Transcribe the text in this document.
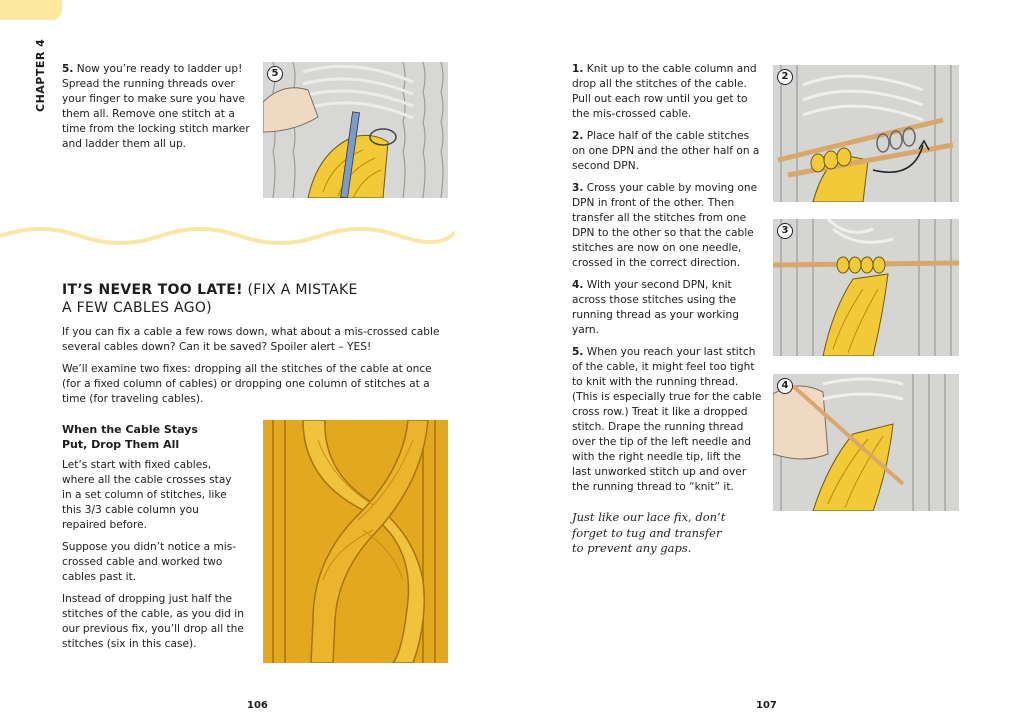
CHAPTER 4 5. Now you’re ready to ladder up! Spread the running threads over your finger to make sure you have them all. Remove one stitch at a time from the locking stitch marker and ladder them all up.
5
IT’S NEVER TOO LATE! (FIX A MISTAKE
A FEW CABLES AGO)

If you can fix a cable a few rows down, what about a mis-crossed cable several cables down? Can it be saved? Spoiler alert – YES!

We’ll examine two fixes: dropping all the stitches of the cable at once (for a fixed column of cables) or dropping one column of stitches at a time (for traveling cables).

When the Cable Stays
Put, Drop Them All

Let’s start with fixed cables, where all the cable crosses stay in a set column of stitches, like this 3/3 cable column you repaired before.

Suppose you didn’t notice a mis-crossed cable and worked two cables past it.

Instead of dropping just half the stitches of the cable, as you did in our previous fix, you’ll drop all the stitches (six in this case).

106

1. Knit up to the cable column and drop all the stitches of the cable. Pull out each row until you get to the mis-crossed cable.

2. Place half of the cable stitches on one DPN and the other half on a second DPN.

3. Cross your cable by moving one DPN in front of the other. Then transfer all the stitches from one DPN to the other so that the cable stitches are now on one needle, crossed in the correct direction.

4. With your second DPN, knit across those stitches using the running thread as your working yarn.

5. When you reach your last stitch of the cable, it might feel too tight to knit with the running thread. (This is especially true for the cable cross row.) Treat it like a dropped stitch. Drape the running thread over the tip of the left needle and with the right needle tip, lift the last unworked stitch up and over the running thread to “knit” it.

2
3
4
Just like our lace fix, don’t
forget to tug and transfer
to prevent any gaps.
107
